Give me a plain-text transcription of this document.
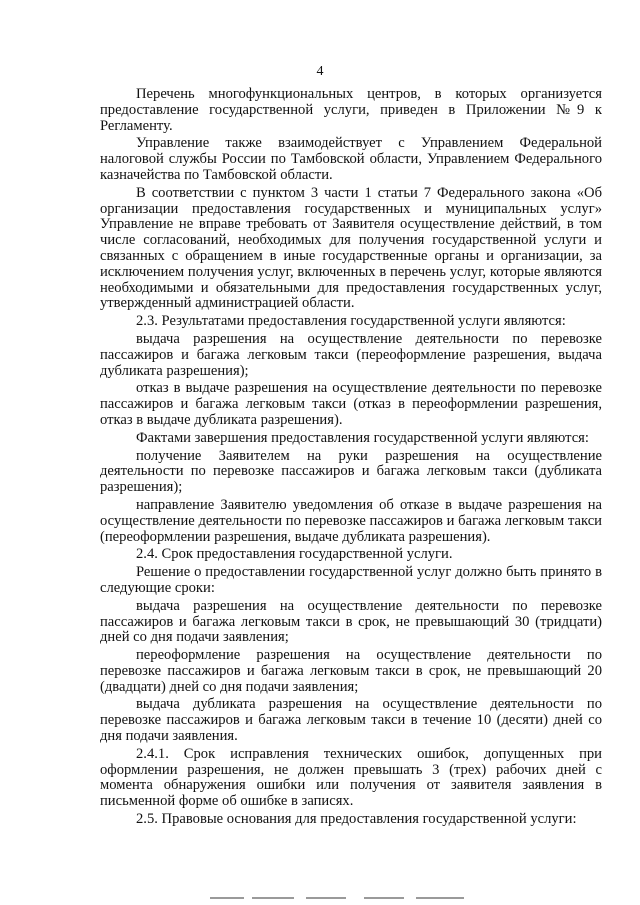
4

Перечень многофункциональных центров, в которых организуется предоставление государственной услуги, приведен в Приложении №9 к Регламенту.

Управление также взаимодействует с Управлением Федеральной налоговой службы России по Тамбовской области, Управлением Федерального казначейства по Тамбовской области.

В соответствии с пунктом 3 части 1 статьи 7 Федерального закона «Об организации предоставления государственных и муниципальных услуг» Управление не вправе требовать от Заявителя осуществление действий, в том числе согласований, необходимых для получения государственной услуги и связанных с обращением в иные государственные органы и организации, за исключением получения услуг, включенных в перечень услуг, которые являются необходимыми и обязательными для предоставления государственных услуг, утвержденный администрацией области.

2.3. Результатами предоставления государственной услуги являются:

выдача разрешения на осуществление деятельности по перевозке пассажиров и багажа легковым такси (переоформление разрешения, выдача дубликата разрешения);

отказ в выдаче разрешения на осуществление деятельности по перевозке пассажиров и багажа легковым такси (отказ в переоформлении разрешения, отказ в выдаче дубликата разрешения).

Фактами завершения предоставления государственной услуги являются:

получение Заявителем на руки разрешения на осуществление деятельности по перевозке пассажиров и багажа легковым такси (дубликата разрешения);

направление Заявителю уведомления об отказе в выдаче разрешения на осуществление деятельности по перевозке пассажиров и багажа легковым такси (переоформлении разрешения, выдаче дубликата разрешения).

2.4. Срок предоставления государственной услуги.

Решение о предоставлении государственной услуг должно быть принято в следующие сроки:

выдача разрешения на осуществление деятельности по перевозке пассажиров и багажа легковым такси в срок, не превышающий 30 (тридцати) дней со дня подачи заявления;

переоформление разрешения на осуществление деятельности по перевозке пассажиров и багажа легковым такси в срок, не превышающий 20 (двадцати) дней со дня подачи заявления;

выдача дубликата разрешения на осуществление деятельности по перевозке пассажиров и багажа легковым такси в течение 10 (десяти) дней со дня подачи заявления.

2.4.1. Срок исправления технических ошибок, допущенных при оформлении разрешения, не должен превышать 3 (трех) рабочих дней с момента обнаружения ошибки или получения от заявителя заявления в письменной форме об ошибке в записях.

2.5. Правовые основания для предоставления государственной услуги:
